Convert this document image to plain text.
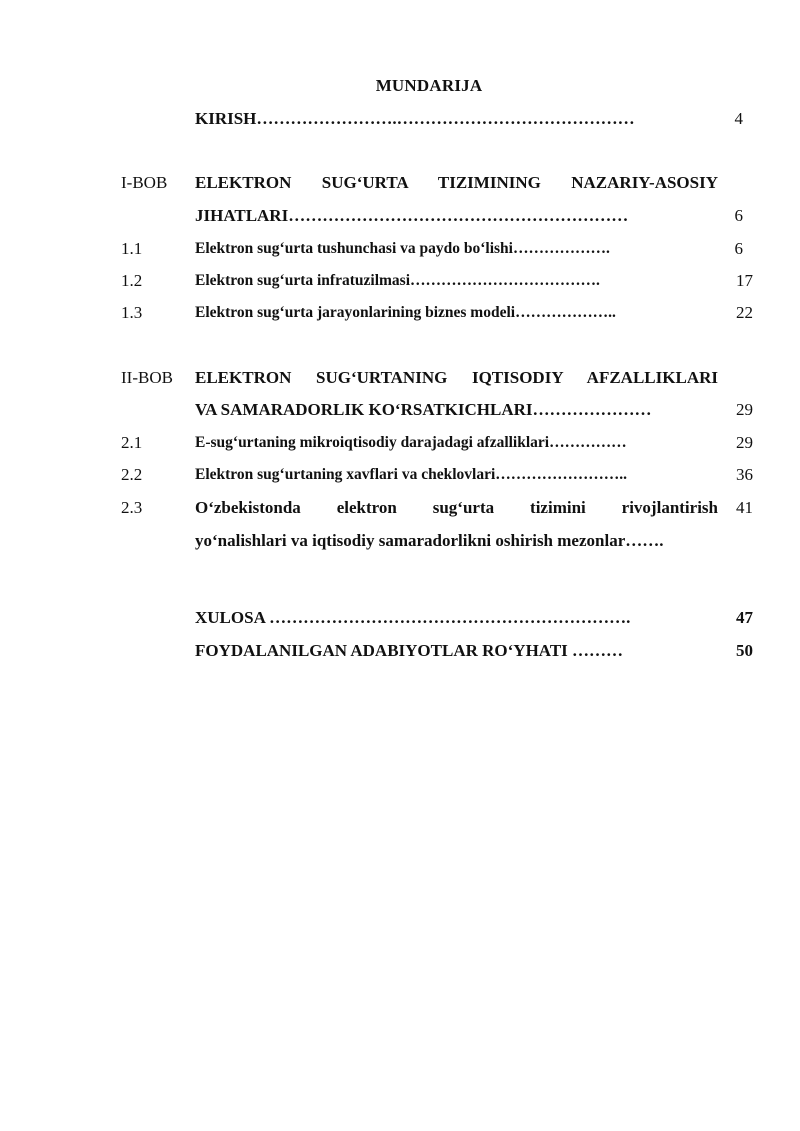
MUNDARIJA
KIRISH…………………….……………………………………	4
I-BOB ELEKTRON SUG‘URTA TIZIMINING NAZARIY-ASOSIY
JIHATLARI……………………………………………………	6
1.1	Elektron sug‘urta tushunchasi va paydo bo‘lishi……………….	6
1.2	Elektron sug‘urta infratuzilmasi……………………………….	17
1.3	Elektron sug‘urta jarayonlarining biznes modeli………………..	22
II-BOB ELEKTRON SUG‘URTANING IQTISODIY AFZALLIKLARI
VA SAMARADORLIK KO‘RSATKICHLARI…………………	29
2.1	E-sug‘urtaning mikroiqtisodiy darajadagi afzalliklari……………	29
2.2	Elektron sug‘urtaning xavflari va cheklovlari……………………..	36
2.3	O‘zbekistonda elektron sug‘urta tizimini rivojlantirish 41
yo‘nalishlari va iqtisodiy samaradorlikni oshirish mezonlar…….
XULOSA ……………………………………………………….	47
FOYDALANILGAN ADABIYOTLAR RO‘YHATI ………	50
